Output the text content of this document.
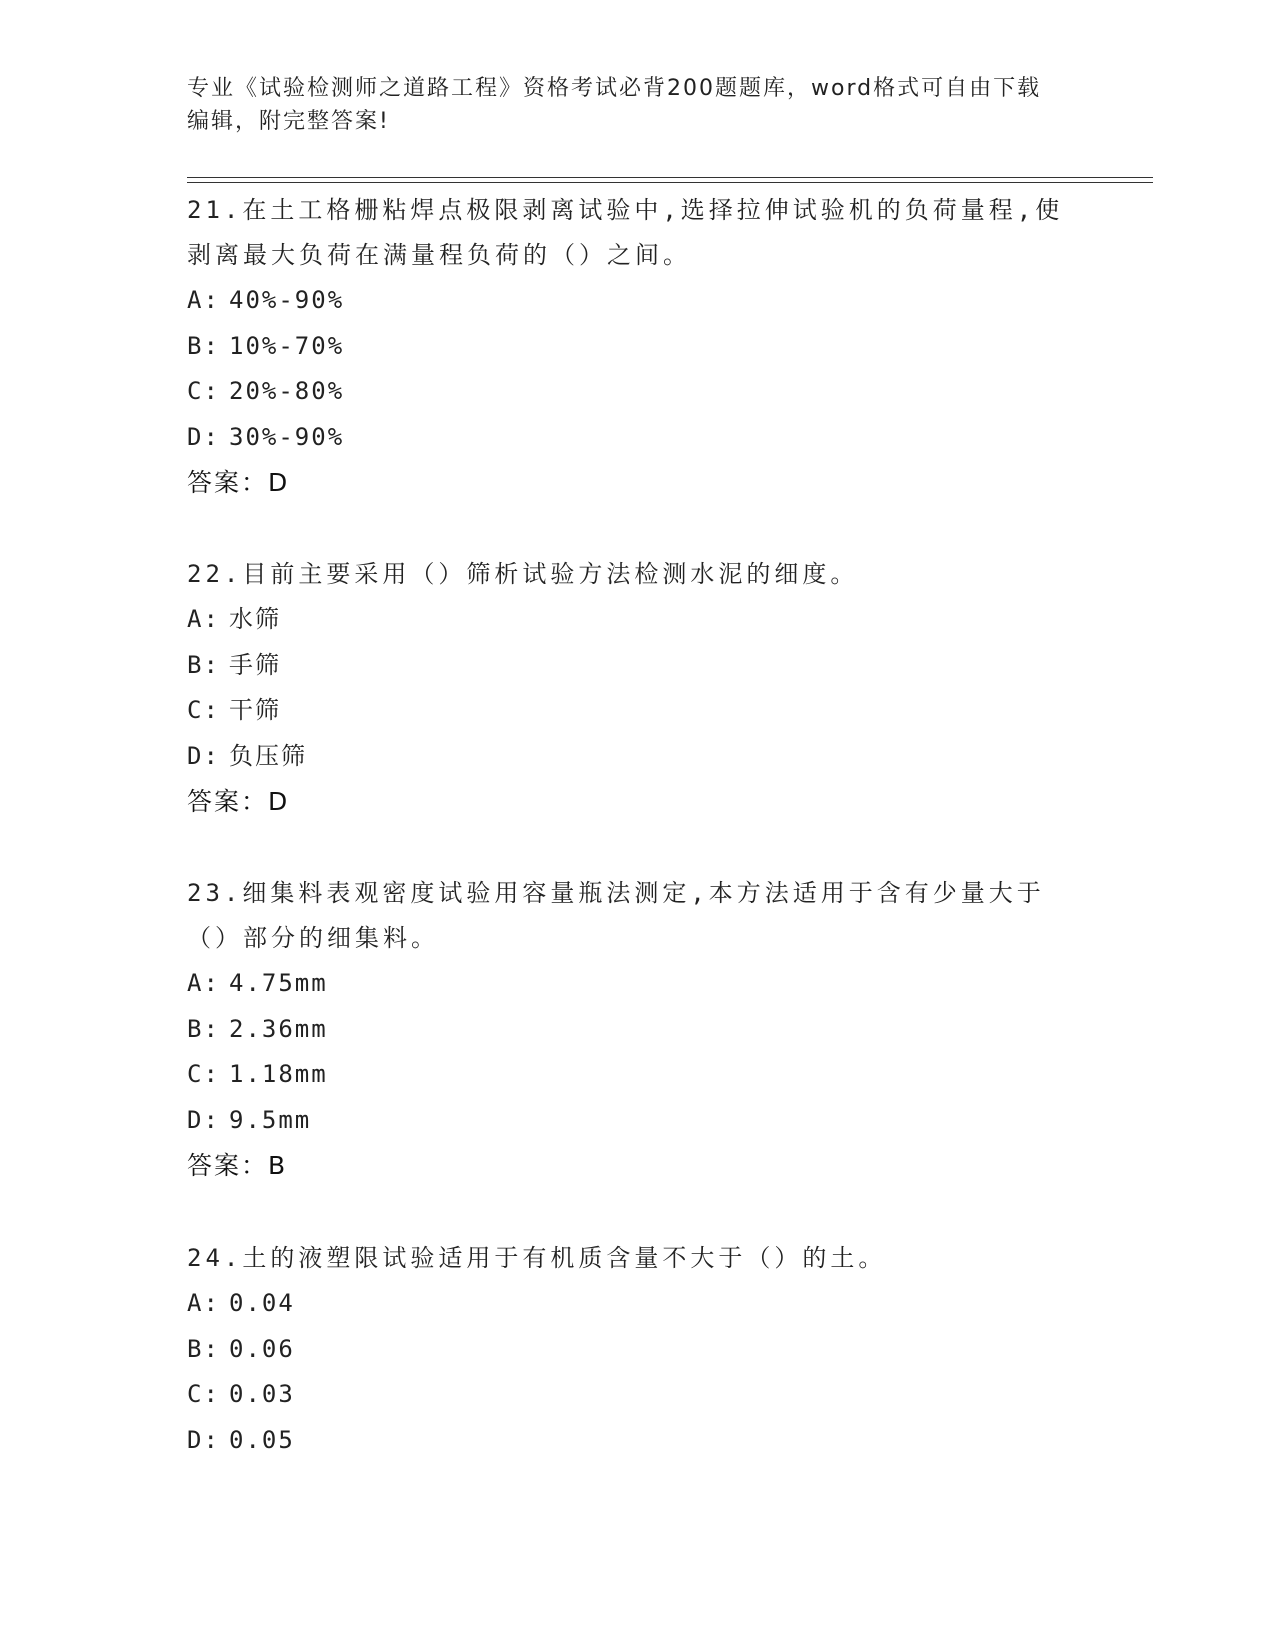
专业《试验检测师之道路工程》资格考试必背200题题库，word格式可自由下载
编辑，附完整答案!
21.在土工格栅粘焊点极限剥离试验中,选择拉伸试验机的负荷量程,使剥离最大负荷在满量程负荷的（）之间。
A: 40%-90%
B: 10%-70%
C: 20%-80%
D: 30%-90%
答案：D
22.目前主要采用（）筛析试验方法检测水泥的细度。
A: 水筛
B: 手筛
C: 干筛
D: 负压筛
答案：D
23.细集料表观密度试验用容量瓶法测定,本方法适用于含有少量大于（）部分的细集料。
A: 4.75mm
B: 2.36mm
C: 1.18mm
D: 9.5mm
答案：B
24.土的液塑限试验适用于有机质含量不大于（）的土。
A: 0.04
B: 0.06
C: 0.03
D: 0.05
